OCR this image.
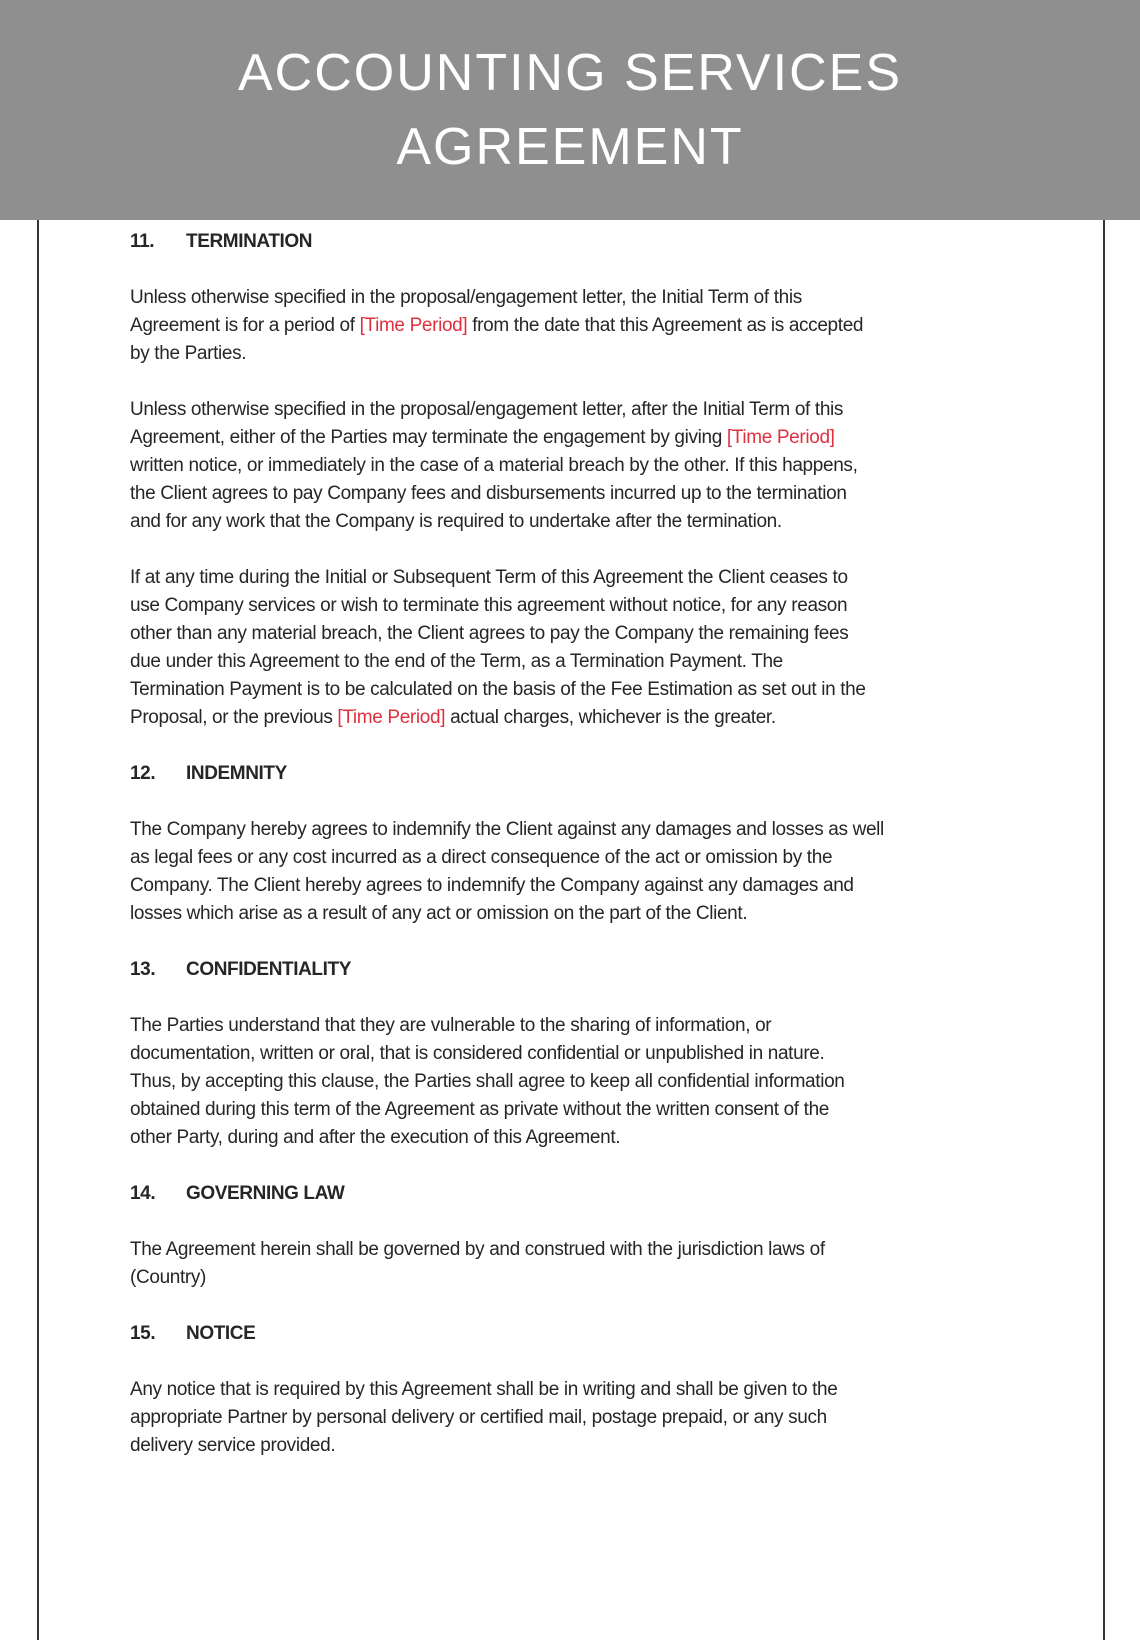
ACCOUNTING SERVICES
AGREEMENT
11. TERMINATION
Unless otherwise specified in the proposal/engagement letter, the Initial Term of this
Agreement is for a period of [Time Period] from the date that this Agreement as is accepted
by the Parties.
Unless otherwise specified in the proposal/engagement letter, after the Initial Term of this
Agreement, either of the Parties may terminate the engagement by giving [Time Period]
written notice, or immediately in the case of a material breach by the other. If this happens,
the Client agrees to pay Company fees and disbursements incurred up to the termination
and for any work that the Company is required to undertake after the termination.
If at any time during the Initial or Subsequent Term of this Agreement the Client ceases to
use Company services or wish to terminate this agreement without notice, for any reason
other than any material breach, the Client agrees to pay the Company the remaining fees
due under this Agreement to the end of the Term, as a Termination Payment. The
Termination Payment is to be calculated on the basis of the Fee Estimation as set out in the
Proposal, or the previous [Time Period] actual charges, whichever is the greater.
12. INDEMNITY
The Company hereby agrees to indemnify the Client against any damages and losses as well
as legal fees or any cost incurred as a direct consequence of the act or omission by the
Company. The Client hereby agrees to indemnify the Company against any damages and
losses which arise as a result of any act or omission on the part of the Client.
13. CONFIDENTIALITY
The Parties understand that they are vulnerable to the sharing of information, or
documentation, written or oral, that is considered confidential or unpublished in nature.
Thus, by accepting this clause, the Parties shall agree to keep all confidential information
obtained during this term of the Agreement as private without the written consent of the
other Party, during and after the execution of this Agreement.
14. GOVERNING LAW
The Agreement herein shall be governed by and construed with the jurisdiction laws of
(Country)
15. NOTICE
Any notice that is required by this Agreement shall be in writing and shall be given to the
appropriate Partner by personal delivery or certified mail, postage prepaid, or any such
delivery service provided.
